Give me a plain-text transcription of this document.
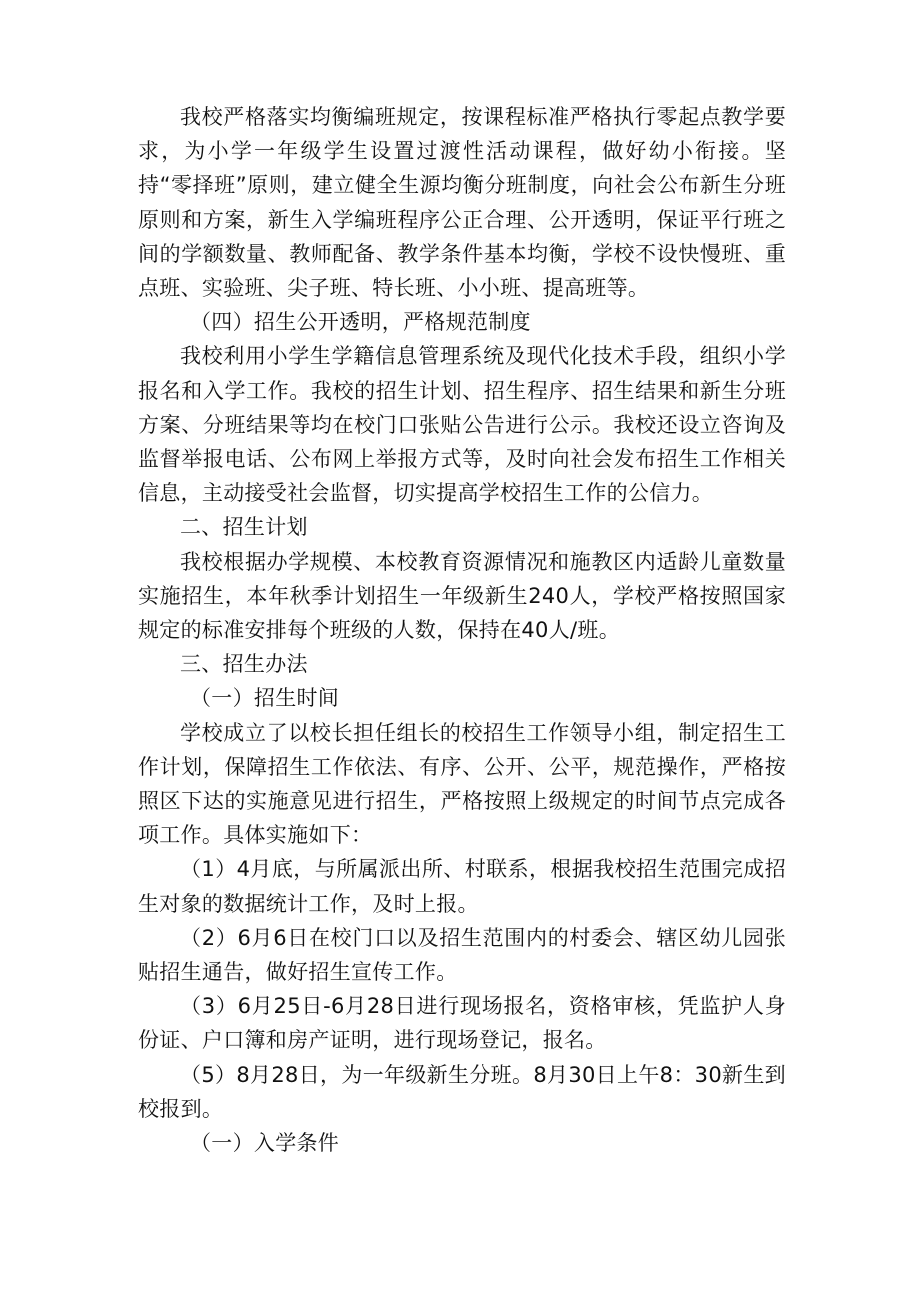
我校严格落实均衡编班规定，按课程标准严格执行零起点教学要求，为小学一年级学生设置过渡性活动课程，做好幼小衔接。坚持“零择班”原则，建立健全生源均衡分班制度，向社会公布新生分班原则和方案，新生入学编班程序公正合理、公开透明，保证平行班之间的学额数量、教师配备、教学条件基本均衡，学校不设快慢班、重点班、实验班、尖子班、特长班、小小班、提高班等。

（四）招生公开透明，严格规范制度

我校利用小学生学籍信息管理系统及现代化技术手段，组织小学报名和入学工作。我校的招生计划、招生程序、招生结果和新生分班方案、分班结果等均在校门口张贴公告进行公示。我校还设立咨询及监督举报电话、公布网上举报方式等，及时向社会发布招生工作相关信息，主动接受社会监督，切实提高学校招生工作的公信力。

二、招生计划

我校根据办学规模、本校教育资源情况和施教区内适龄儿童数量实施招生，本年秋季计划招生一年级新生240人，学校严格按照国家规定的标准安排每个班级的人数，保持在40人/班。

三、招生办法

（一）招生时间

学校成立了以校长担任组长的校招生工作领导小组，制定招生工作计划，保障招生工作依法、有序、公开、公平，规范操作，严格按照区下达的实施意见进行招生，严格按照上级规定的时间节点完成各项工作。具体实施如下：

（1）4月底，与所属派出所、村联系，根据我校招生范围完成招生对象的数据统计工作，及时上报。

（2）6月6日在校门口以及招生范围内的村委会、辖区幼儿园张贴招生通告，做好招生宣传工作。

（3）6月25日-6月28日进行现场报名，资格审核，凭监护人身份证、户口簿和房产证明，进行现场登记，报名。

（5）8月28日，为一年级新生分班。8月30日上午8：30新生到校报到。

（一）入学条件
